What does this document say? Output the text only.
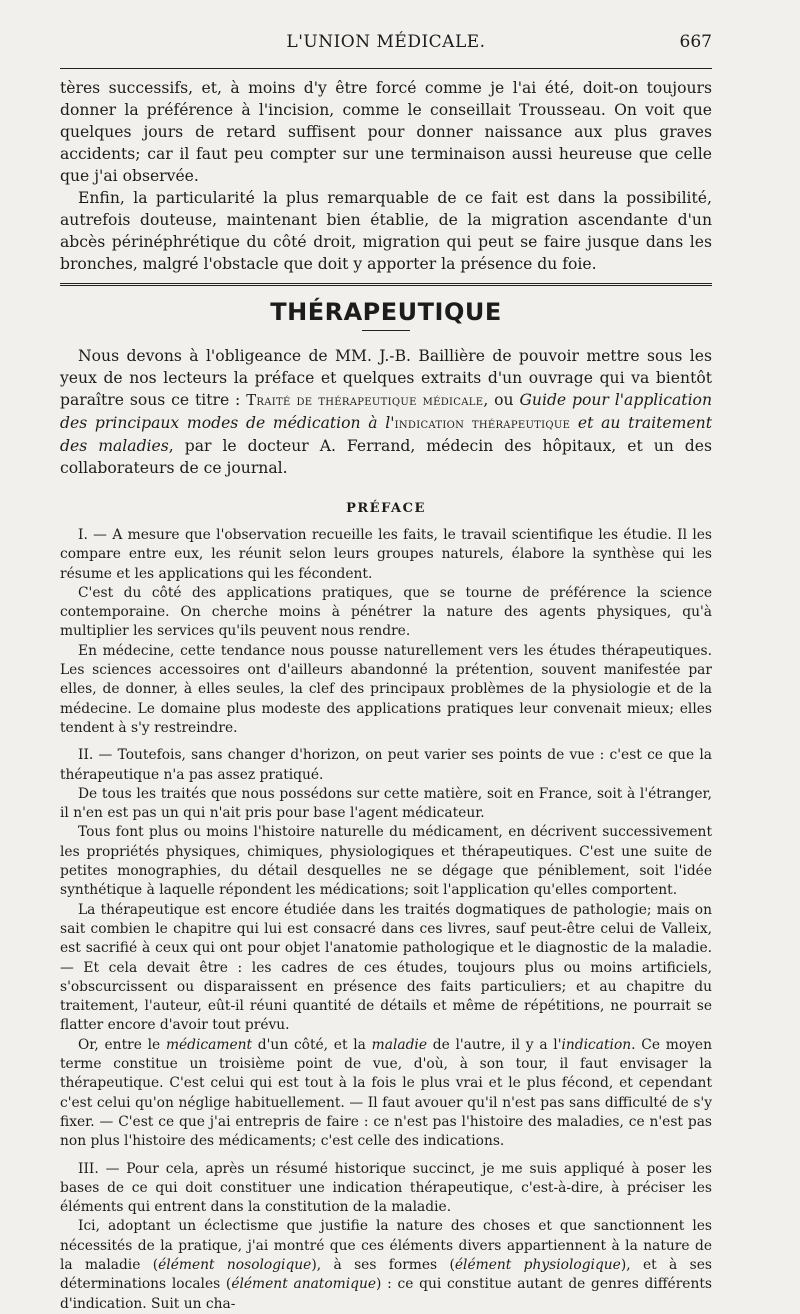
L'UNION MÉDICALE.	667

tères successifs, et, à moins d'y être forcé comme je l'ai été, doit-on toujours donner la préférence à l'incision, comme le conseillait Trousseau. On voit que quelques jours de retard suffisent pour donner naissance aux plus graves accidents; car il faut peu compter sur une terminaison aussi heureuse que celle que j'ai observée.

Enfin, la particularité la plus remarquable de ce fait est dans la possibilité, autrefois douteuse, maintenant bien établie, de la migration ascendante d'un abcès périnéphrétique du côté droit, migration qui peut se faire jusque dans les bronches, malgré l'obstacle que doit y apporter la présence du foie.

THÉRAPEUTIQUE

Nous devons à l'obligeance de MM. J.-B. Baillière de pouvoir mettre sous les yeux de nos lecteurs la préface et quelques extraits d'un ouvrage qui va bientôt paraître sous ce titre : Traité de thérapeutique médicale, ou Guide pour l'application des principaux modes de médication à l'indication thérapeutique et au traitement des maladies, par le docteur A. Ferrand, médecin des hôpitaux, et un des collaborateurs de ce journal.

PRÉFACE

I. — A mesure que l'observation recueille les faits, le travail scientifique les étudie. Il les compare entre eux, les réunit selon leurs groupes naturels, élabore la synthèse qui les résume et les applications qui les fécondent.

C'est du côté des applications pratiques, que se tourne de préférence la science contemporaine. On cherche moins à pénétrer la nature des agents physiques, qu'à multiplier les services qu'ils peuvent nous rendre.

En médecine, cette tendance nous pousse naturellement vers les études thérapeutiques. Les sciences accessoires ont d'ailleurs abandonné la prétention, souvent manifestée par elles, de donner, à elles seules, la clef des principaux problèmes de la physiologie et de la médecine. Le domaine plus modeste des applications pratiques leur convenait mieux; elles tendent à s'y restreindre.

II. — Toutefois, sans changer d'horizon, on peut varier ses points de vue : c'est ce que la thérapeutique n'a pas assez pratiqué.

De tous les traités que nous possédons sur cette matière, soit en France, soit à l'étranger, il n'en est pas un qui n'ait pris pour base l'agent médicateur.

Tous font plus ou moins l'histoire naturelle du médicament, en décrivent successivement les propriétés physiques, chimiques, physiologiques et thérapeutiques. C'est une suite de petites monographies, du détail desquelles ne se dégage que péniblement, soit l'idée synthétique à laquelle répondent les médications; soit l'application qu'elles comportent.

La thérapeutique est encore étudiée dans les traités dogmatiques de pathologie; mais on sait combien le chapitre qui lui est consacré dans ces livres, sauf peut-être celui de Valleix, est sacrifié à ceux qui ont pour objet l'anatomie pathologique et le diagnostic de la maladie. — Et cela devait être : les cadres de ces études, toujours plus ou moins artificiels, s'obscurcissent ou disparaissent en présence des faits particuliers; et au chapitre du traitement, l'auteur, eût-il réuni quantité de détails et même de répétitions, ne pourrait se flatter encore d'avoir tout prévu.

Or, entre le médicament d'un côté, et la maladie de l'autre, il y a l'indication. Ce moyen terme constitue un troisième point de vue, d'où, à son tour, il faut envisager la thérapeutique. C'est celui qui est tout à la fois le plus vrai et le plus fécond, et cependant c'est celui qu'on néglige habituellement. — Il faut avouer qu'il n'est pas sans difficulté de s'y fixer. — C'est ce que j'ai entrepris de faire : ce n'est pas l'histoire des maladies, ce n'est pas non plus l'histoire des médicaments; c'est celle des indications.

III. — Pour cela, après un résumé historique succinct, je me suis appliqué à poser les bases de ce qui doit constituer une indication thérapeutique, c'est-à-dire, à préciser les éléments qui entrent dans la constitution de la maladie.

Ici, adoptant un éclectisme que justifie la nature des choses et que sanctionnent les nécessités de la pratique, j'ai montré que ces éléments divers appartiennent à la nature de la maladie (élément nosologique), à ses formes (élément physiologique), et à ses déterminations locales (élément anatomique) : ce qui constitue autant de genres différents d'indication. Suit un cha-
